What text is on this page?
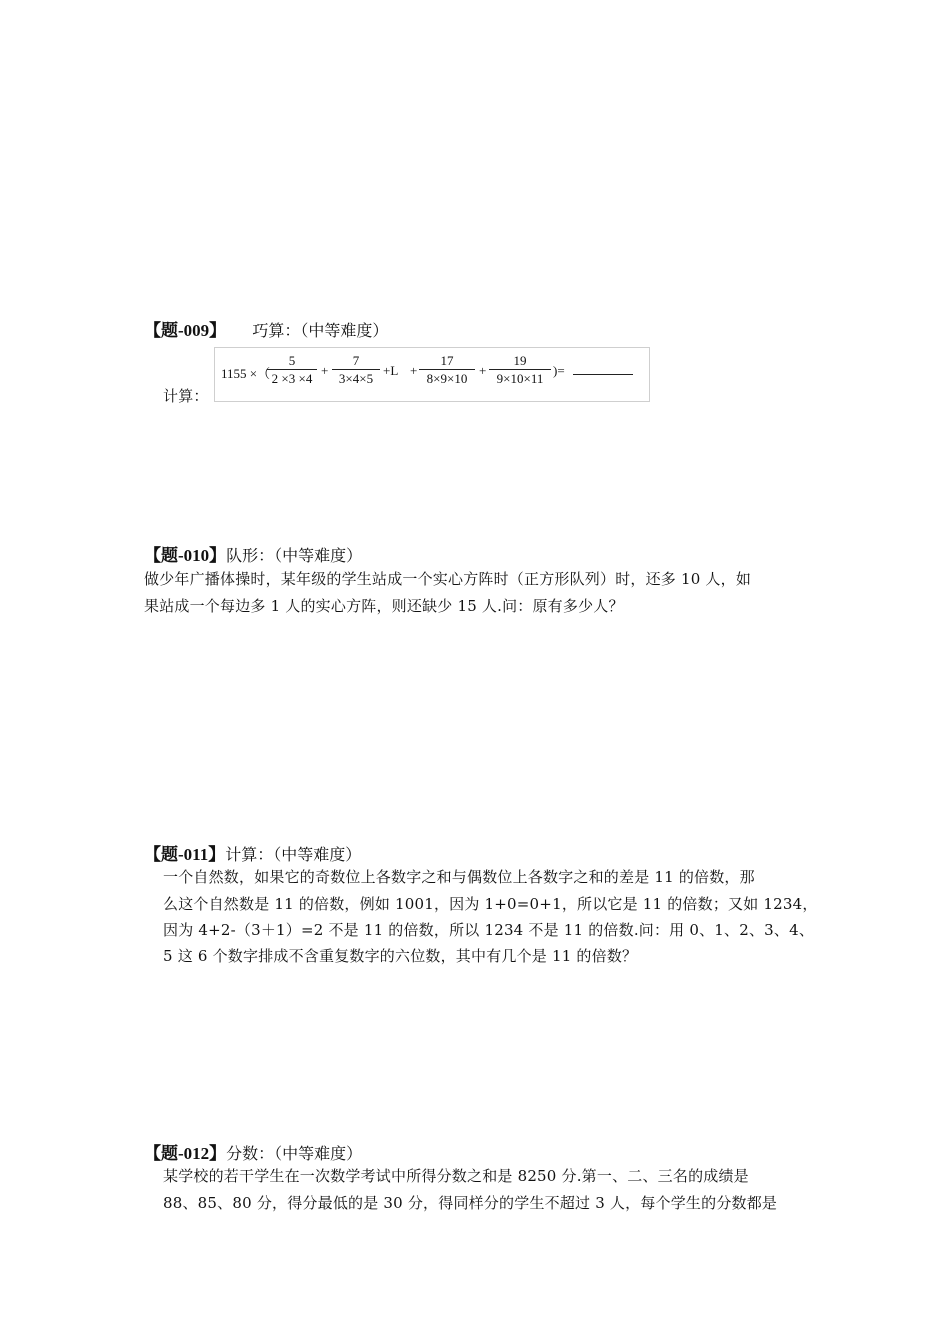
【题-009】 巧算：（中等难度）
计算：
1155 ×（
5
2 ×3 ×4
+
7
3×4×5
+L +
17
8×9×10
+
19
9×10×11
)=
【题-010】队形：（中等难度）
做少年广播体操时，某年级的学生站成一个实心方阵时（正方形队列）时，还多 10 人，如
果站成一个每边多 1 人的实心方阵，则还缺少 15 人.问：原有多少人？
【题-011】计算：（中等难度）
一个自然数，如果它的奇数位上各数字之和与偶数位上各数字之和的差是 11 的倍数，那
么这个自然数是 11 的倍数，例如 1001，因为 1+0=0+1，所以它是 11 的倍数；又如 1234，
因为 4+2-（3＋1）=2 不是 11 的倍数，所以 1234 不是 11 的倍数.问：用 0、1、2、3、4、
5 这 6 个数字排成不含重复数字的六位数，其中有几个是 11 的倍数？
【题-012】分数：（中等难度）
某学校的若干学生在一次数学考试中所得分数之和是 8250 分.第一、二、三名的成绩是
88、85、80 分，得分最低的是 30 分，得同样分的学生不超过 3 人，每个学生的分数都是
